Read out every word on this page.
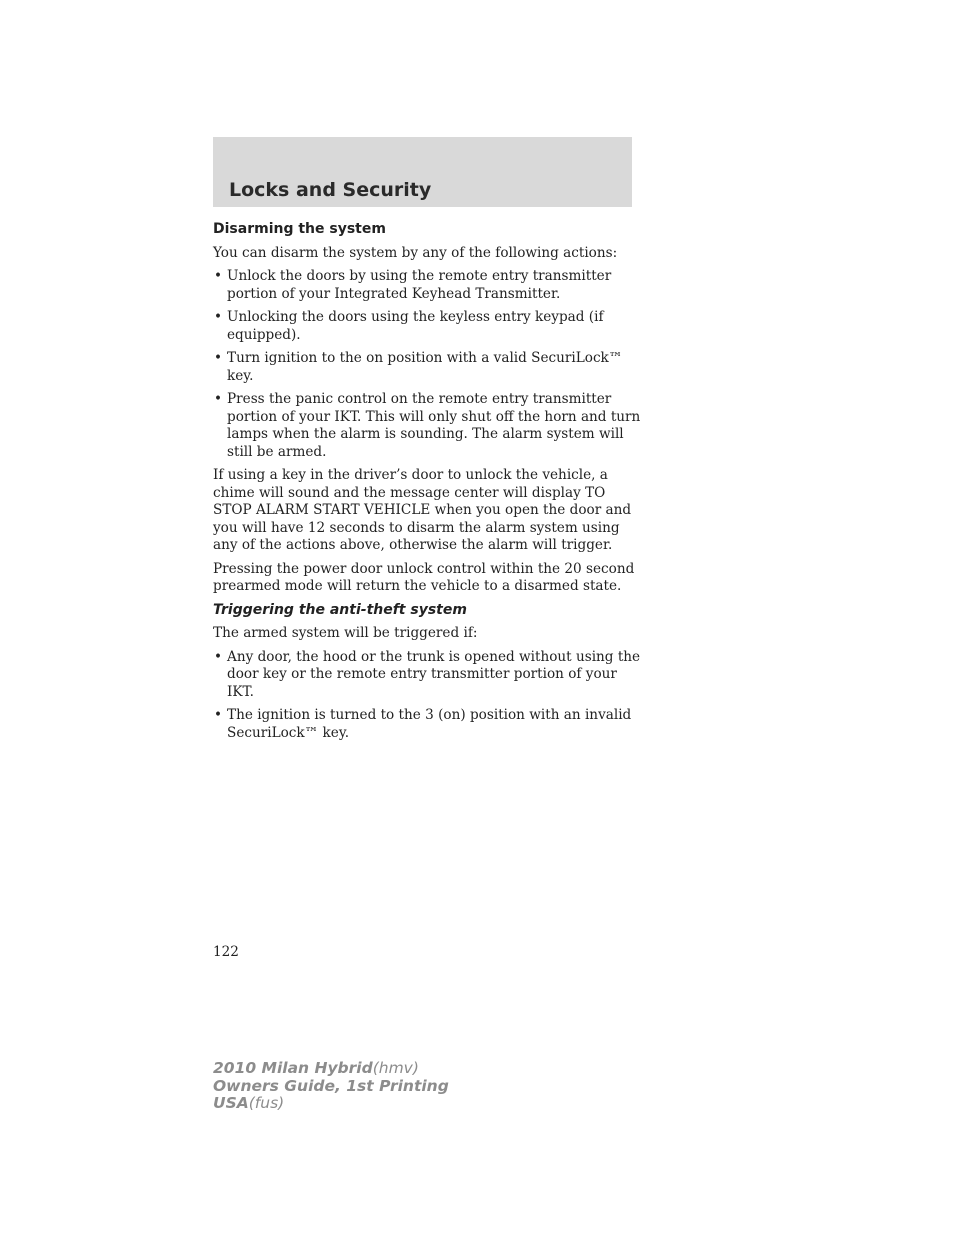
Locks and Security
Disarming the system

You can disarm the system by any of the following actions:

• Unlock the doors by using the remote entry transmitter portion of your Integrated Keyhead Transmitter.
• Unlocking the doors using the keyless entry keypad (if equipped).
• Turn ignition to the on position with a valid SecuriLock™ key.
• Press the panic control on the remote entry transmitter portion of your IKT. This will only shut off the horn and turn lamps when the alarm is sounding. The alarm system will still be armed.

If using a key in the driver’s door to unlock the vehicle, a chime will sound and the message center will display TO STOP ALARM START VEHICLE when you open the door and you will have 12 seconds to disarm the alarm system using any of the actions above, otherwise the alarm will trigger.

Pressing the power door unlock control within the 20 second prearmed mode will return the vehicle to a disarmed state.

Triggering the anti-theft system

The armed system will be triggered if:

• Any door, the hood or the trunk is opened without using the door key or the remote entry transmitter portion of your IKT.
• The ignition is turned to the 3 (on) position with an invalid SecuriLock™ key.
122
2010 Milan Hybrid(hmv)
Owners Guide, 1st Printing
USA(fus)
